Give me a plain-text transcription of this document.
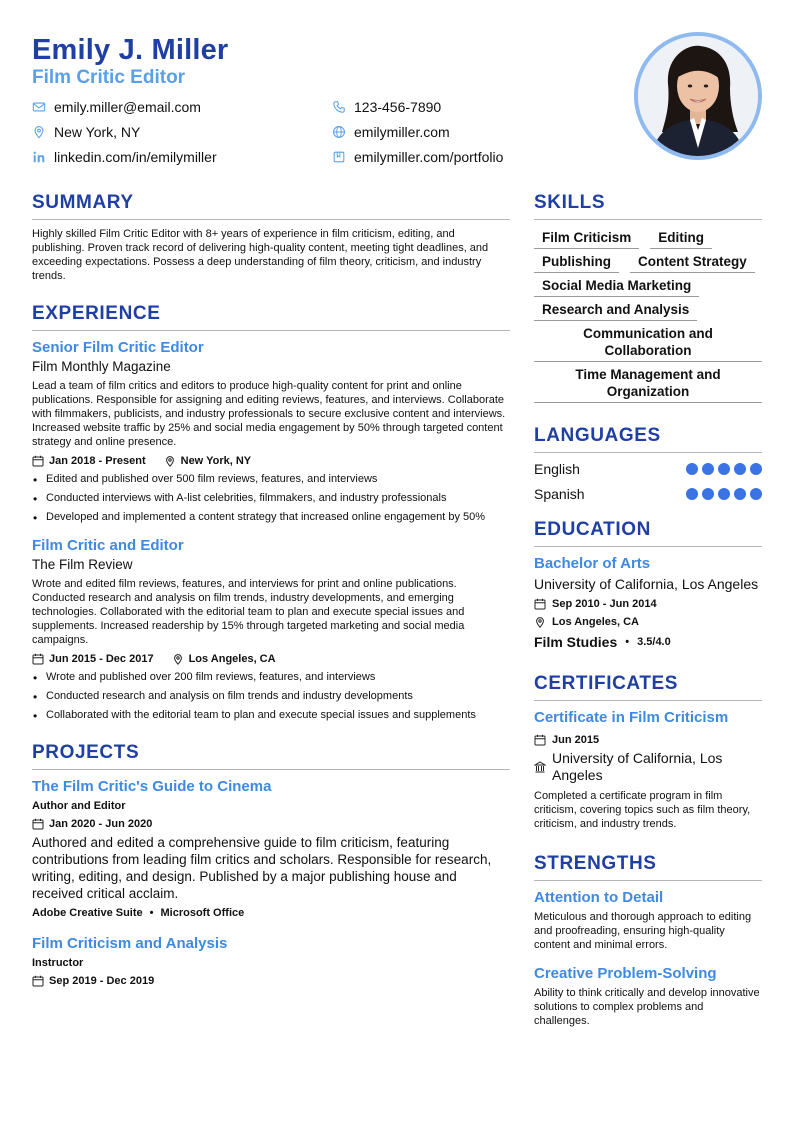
Emily J. Miller
Film Critic Editor
emily.miller@email.com	123-456-7890
New York, NY	emilymiller.com
linkedin.com/in/emilymiller	emilymiller.com/portfolio
SUMMARY

Highly skilled Film Critic Editor with 8+ years of experience in film criticism, editing, and publishing. Proven track record of delivering high-quality content, meeting tight deadlines, and exceeding expectations. Possess a deep understanding of film theory, criticism, and industry trends.

EXPERIENCE
Senior Film Critic Editor
Film Monthly Magazine

Lead a team of film critics and editors to produce high-quality content for print and online publications. Responsible for assigning and editing reviews, features, and interviews. Collaborate with filmmakers, publicists, and industry professionals to secure exclusive content and interviews. Increased website traffic by 25% and social media engagement by 50% through targeted content strategy and online presence.

Jan 2018 - Present	New York, NY
• Edited and published over 500 film reviews, features, and interviews
• Conducted interviews with A-list celebrities, filmmakers, and industry professionals
• Developed and implemented a content strategy that increased online engagement by 50%
Film Critic and Editor
The Film Review

Wrote and edited film reviews, features, and interviews for print and online publications. Conducted research and analysis on film trends, industry developments, and emerging technologies. Collaborated with the editorial team to plan and execute special issues and supplements. Increased readership by 15% through targeted marketing and social media campaigns.

Jun 2015 - Dec 2017	Los Angeles, CA
• Wrote and published over 200 film reviews, features, and interviews
• Conducted research and analysis on film trends and industry developments
• Collaborated with the editorial team to plan and execute special issues and supplements
PROJECTS
The Film Critic's Guide to Cinema
Author and Editor
Jan 2020 - Jun 2020

Authored and edited a comprehensive guide to film criticism, featuring contributions from leading film critics and scholars. Responsible for research, writing, editing, and design. Published by a major publishing house and received critical acclaim.

Adobe Creative Suite • Microsoft Office
Film Criticism and Analysis
Instructor
Sep 2019 - Dec 2019
SKILLS
Film Criticism	Editing
Publishing	Content Strategy
Social Media Marketing
Research and Analysis
Communication and Collaboration
Time Management and Organization
LANGUAGES
English
Spanish
EDUCATION
Bachelor of Arts
University of California, Los Angeles
Sep 2010 - Jun 2014
Los Angeles, CA
Film Studies • 3.5/4.0
CERTIFICATES
Certificate in Film Criticism
Jun 2015
University of California, Los Angeles

Completed a certificate program in film criticism, covering topics such as film theory, criticism, and industry trends.

STRENGTHS
Attention to Detail

Meticulous and thorough approach to editing and proofreading, ensuring high-quality content and minimal errors.

Creative Problem-Solving

Ability to think critically and develop innovative solutions to complex problems and challenges.
